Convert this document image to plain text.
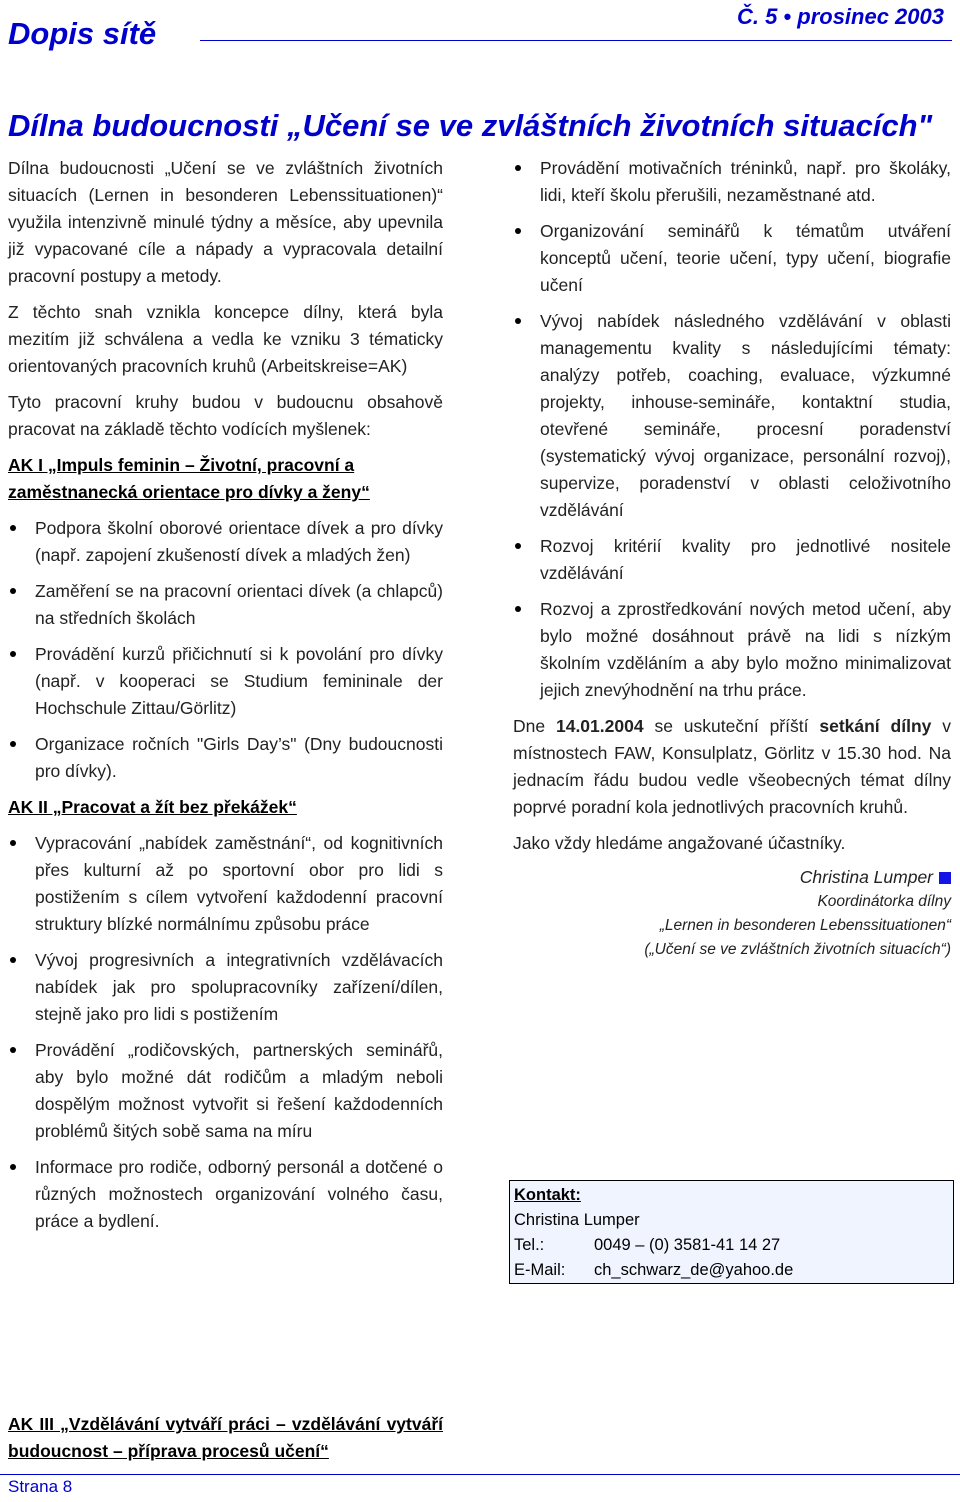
Dopis sítě	Č. 5 • prosinec 2003
Dílna budoucnosti „Učení se ve zvláštních životních situacích"

Dílna budoucnosti „Učení se ve zvláštních životních situacích (Lernen in besonderen Lebenssituationen)“ využila intenzivně minulé týdny a měsíce, aby upevnila již vypacované cíle a nápady a vypracovala detailní pracovní postupy a metody.

Z těchto snah vznikla koncepce dílny, která byla mezitím již schválena a vedla ke vzniku 3 tématicky orientovaných pracovních kruhů (Arbeitskreise=AK)

Tyto pracovní kruhy budou v budoucnu obsahově pracovat na základě těchto vodících myšlenek:

AK I „Impuls feminin – Životní, pracovní a zaměstnanecká orientace pro dívky a ženy“
Podpora školní oborové orientace dívek a pro dívky (např. zapojení zkušeností dívek a mladých žen)
Zaměření se na pracovní orientaci dívek (a chlapců) na středních školách
Provádění kurzů přičichnutí si k povolání pro dívky (např. v kooperaci se Studium femininale der Hochschule Zittau/Görlitz)
Organizace ročních "Girls Day’s" (Dny budoucnosti pro dívky).
AK II „Pracovat a žít bez překážek“
Vypracování „nabídek zaměstnání“, od kognitivních přes kulturní až po sportovní obor pro lidi s postižením s cílem vytvoření každodenní pracovní struktury blízké normálnímu způsobu práce
Vývoj progresivních a integrativních vzdělávacích nabídek jak pro spolupracovníky zařízení/dílen, stejně jako pro lidi s postižením
Provádění „rodičovských, partnerských seminářů, aby bylo možné dát rodičům a mladým neboli dospělým možnost vytvořit si řešení každodenních problémů šitých sobě sama na míru
Informace pro rodiče, odborný personál a dotčené o různých možnostech organizování volného času, práce a bydlení.
Provádění motivačních tréninků, např. pro školáky, lidi, kteří školu přerušili, nezaměstnané atd.
Organizování seminářů k tématům utváření konceptů učení, teorie učení, typy učení, biografie učení
Vývoj nabídek následného vzdělávání v oblasti managementu kvality s následujícími tématy: analýzy potřeb, coaching, evaluace, výzkumné projekty, inhouse-semináře, kontaktní studia, otevřené semináře, procesní poradenství (systematický vývoj organizace, personální rozvoj), supervize, poradenství v oblasti celoživotního vzdělávání
Rozvoj kritérií kvality pro jednotlivé nositele vzdělávání
Rozvoj a zprostředkování nových metod učení, aby bylo možné dosáhnout právě na lidi s nízkým školním vzděláním a aby bylo možno minimalizovat jejich znevýhodnění na trhu práce.

Dne 14.01.2004 se uskuteční příští setkání dílny v místnostech FAW, Konsulplatz, Görlitz v 15.30 hod. Na jednacím řádu budou vedle všeobecných témat dílny poprvé poradní kola jednotlivých pracovních kruhů.

Jako vždy hledáme angažované účastníky.

Christina Lumper
Koordinátorka dílny
„Lernen in besonderen Lebenssituationen“
(„Učení se ve zvláštních životních situacích“)
Kontakt:
Christina Lumper
Tel.:	0049 – (0) 3581-41 14 27
E-Mail: ch_schwarz_de@yahoo.de
AK III „Vzdělávání vytváří práci – vzdělávání vytváří budoucnost – příprava procesů učení“
Strana 8
